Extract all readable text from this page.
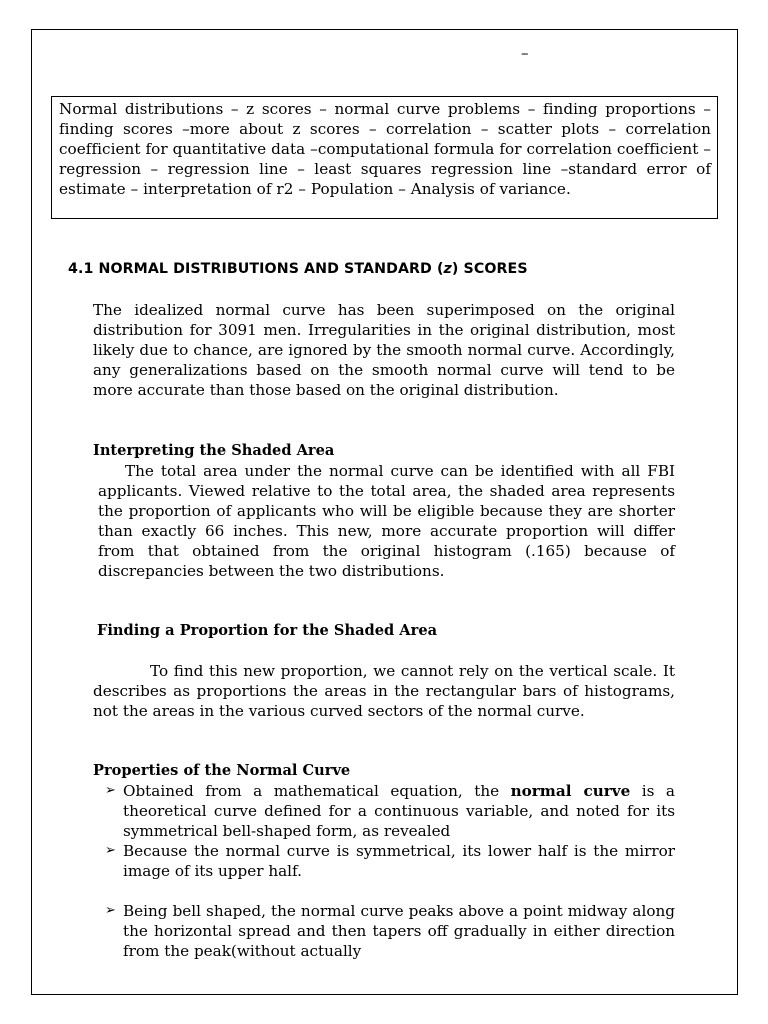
–

Normal distributions – z scores – normal curve problems – finding proportions – finding scores –more about z scores – correlation – scatter plots – correlation coefficient for quantitative data –computational formula for correlation coefficient – regression – regression line – least squares regression line –standard error of estimate – interpretation of r2 – Population – Analysis of variance.

4.1 NORMAL DISTRIBUTIONS AND STANDARD (z) SCORES

The idealized normal curve has been superimposed on the original distribution for 3091 men. Irregularities in the original distribution, most likely due to chance, are ignored by the smooth normal curve. Accordingly, any generalizations based on the smooth normal curve will tend to be more accurate than those based on the original distribution.

Interpreting the Shaded Area

The total area under the normal curve can be identified with all FBI applicants. Viewed relative to the total area, the shaded area represents the proportion of applicants who will be eligible because they are shorter than exactly 66 inches. This new, more accurate proportion will differ from that obtained from the original histogram (.165) because of discrepancies between the two distributions.

Finding a Proportion for the Shaded Area

To find this new proportion, we cannot rely on the vertical scale. It describes as proportions the areas in the rectangular bars of histograms, not the areas in the various curved sectors of the normal curve.

Properties of the Normal Curve
➢ Obtained from a mathematical equation, the normal curve is a theoretical curve defined for a continuous variable, and noted for its symmetrical bell-shaped form, as revealed
➢ Because the normal curve is symmetrical, its lower half is the mirror image of its upper half.
➢ Being bell shaped, the normal curve peaks above a point midway along the horizontal spread and then tapers off gradually in either direction from the peak(without actually
